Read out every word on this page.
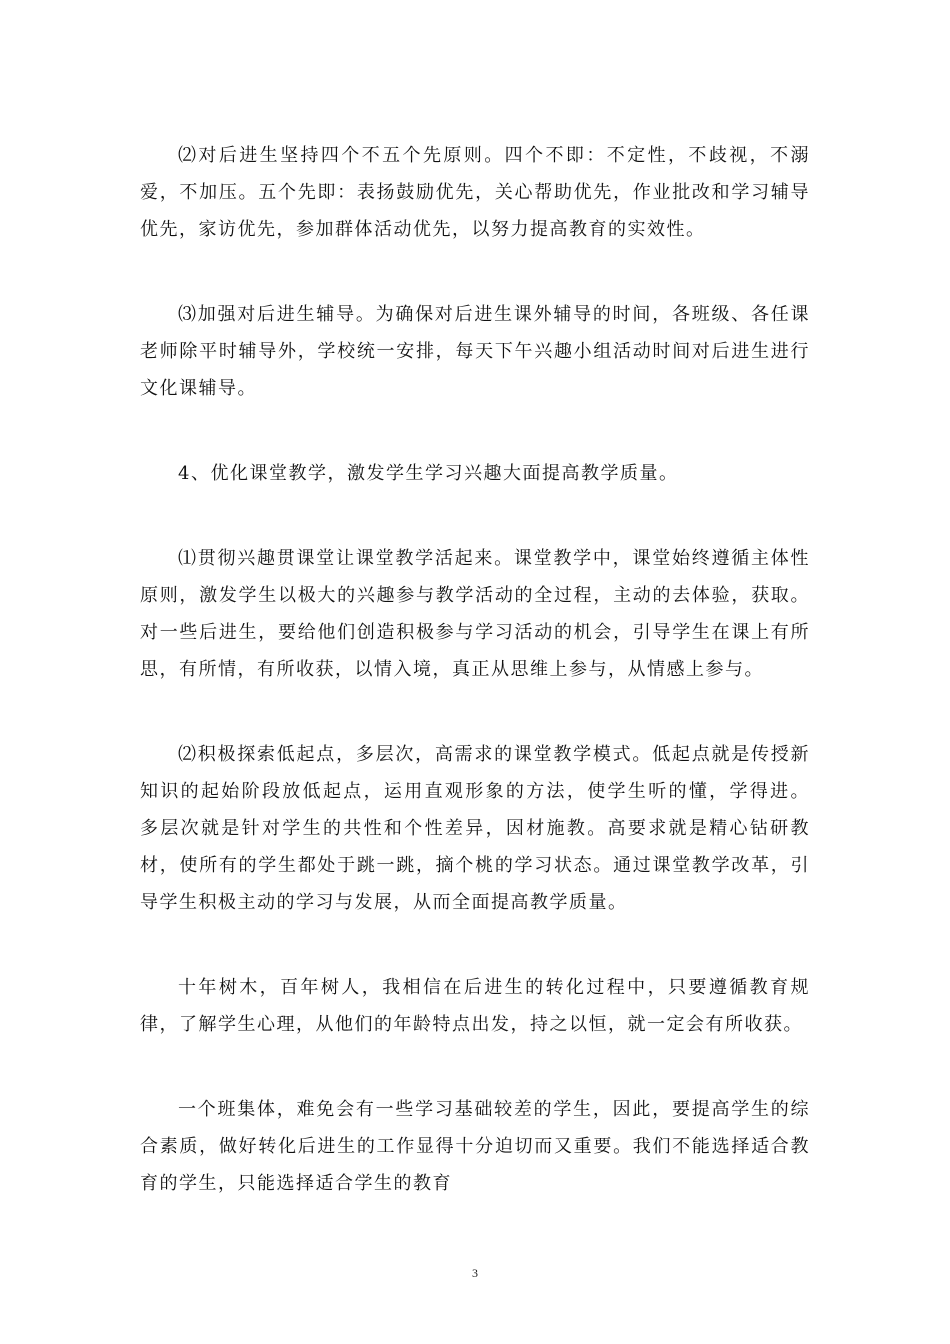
⑵对后进生坚持四个不五个先原则。四个不即：不定性，不歧视，不溺爱，不加压。五个先即：表扬鼓励优先，关心帮助优先，作业批改和学习辅导优先，家访优先，参加群体活动优先，以努力提高教育的实效性。

⑶加强对后进生辅导。为确保对后进生课外辅导的时间，各班级、各任课老师除平时辅导外，学校统一安排，每天下午兴趣小组活动时间对后进生进行文化课辅导。

4、优化课堂教学，激发学生学习兴趣大面提高教学质量。

⑴贯彻兴趣贯课堂让课堂教学活起来。课堂教学中，课堂始终遵循主体性原则，激发学生以极大的兴趣参与教学活动的全过程，主动的去体验，获取。对一些后进生，要给他们创造积极参与学习活动的机会，引导学生在课上有所思，有所情，有所收获，以情入境，真正从思维上参与，从情感上参与。

⑵积极探索低起点，多层次，高需求的课堂教学模式。低起点就是传授新知识的起始阶段放低起点，运用直观形象的方法，使学生听的懂，学得进。 多层次就是针对学生的共性和个性差异，因材施教。高要求就是精心钻研教材，使所有的学生都处于跳一跳，摘个桃的学习状态。通过课堂教学改革，引导学生积极主动的学习与发展，从而全面提高教学质量。

十年树木，百年树人，我相信在后进生的转化过程中，只要遵循教育规律，了解学生心理，从他们的年龄特点出发，持之以恒，就一定会有所收获。

一个班集体，难免会有一些学习基础较差的学生，因此，要提高学生的综合素质，做好转化后进生的工作显得十分迫切而又重要。我们不能选择适合教育的学生，只能选择适合学生的教育

3
